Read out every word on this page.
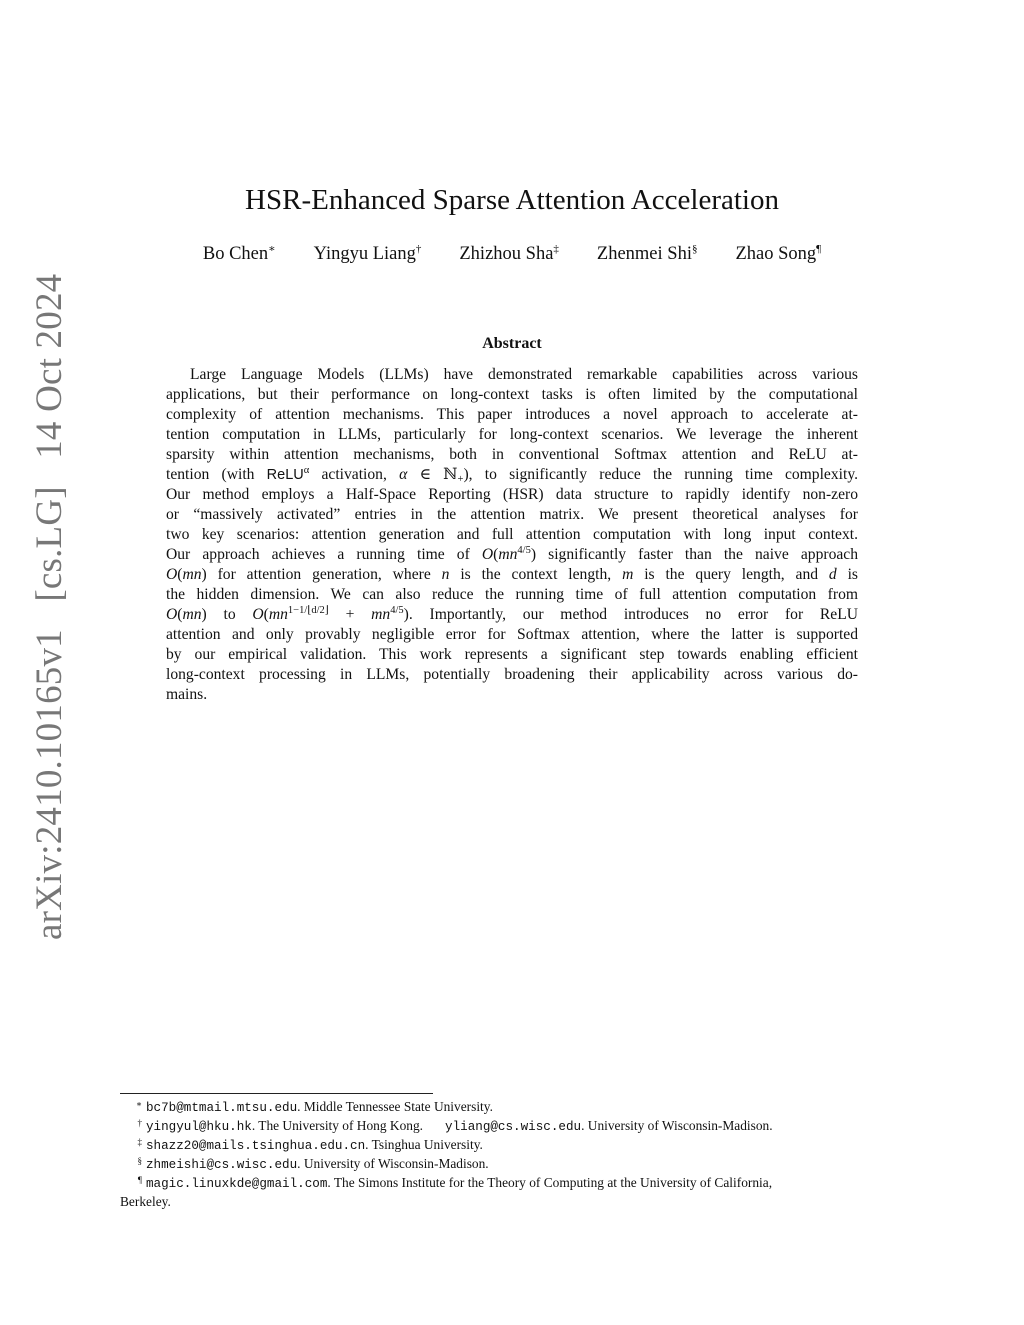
arXiv:2410.10165v1 [cs.LG] 14 Oct 2024
HSR-Enhanced Sparse Attention Acceleration
Bo Chen∗ Yingyu Liang† Zhizhou Sha‡ Zhenmei Shi§ Zhao Song¶
Abstract
Large Language Models (LLMs) have demonstrated remarkable capabilities across various
applications, but their performance on long-context tasks is often limited by the computational
complexity of attention mechanisms. This paper introduces a novel approach to accelerate at-
tention computation in LLMs, particularly for long-context scenarios. We leverage the inherent
sparsity within attention mechanisms, both in conventional Softmax attention and ReLU at-
tention (with ReLU$^\alpha$ activation, α ∈ ℕ$_+$), to significantly reduce the running time complexity.
Our method employs a Half-Space Reporting (HSR) data structure to rapidly identify non-zero
or “massively activated” entries in the attention matrix. We present theoretical analyses for
two key scenarios: attention generation and full attention computation with long input context.
Our approach achieves a running time of $O(mn^{4/5})$ significantly faster than the naive approach
O(mn) for attention generation, where n is the context length, m is the query length, and d is
the hidden dimension. We can also reduce the running time of full attention computation from
O(mn) to $O(mn^{1-1/⌊d/2⌋} + mn^{4/5})$. Importantly, our method introduces no error for ReLU
attention and only provably negligible error for Softmax attention, where the latter is supported
by our empirical validation. This work represents a significant step towards enabling efficient
long-context processing in LLMs, potentially broadening their applicability across various do-
mains.
∗ bc7b@mtmail.mtsu.edu. Middle Tennessee State University.
† yingyul@hku.hk. The University of Hong Kong. yliang@cs.wisc.edu. University of Wisconsin-Madison.
‡ shazz20@mails.tsinghua.edu.cn. Tsinghua University.
§ zhmeishi@cs.wisc.edu. University of Wisconsin-Madison.
¶ magic.linuxkde@gmail.com. The Simons Institute for the Theory of Computing at the University of California,
Berkeley.
